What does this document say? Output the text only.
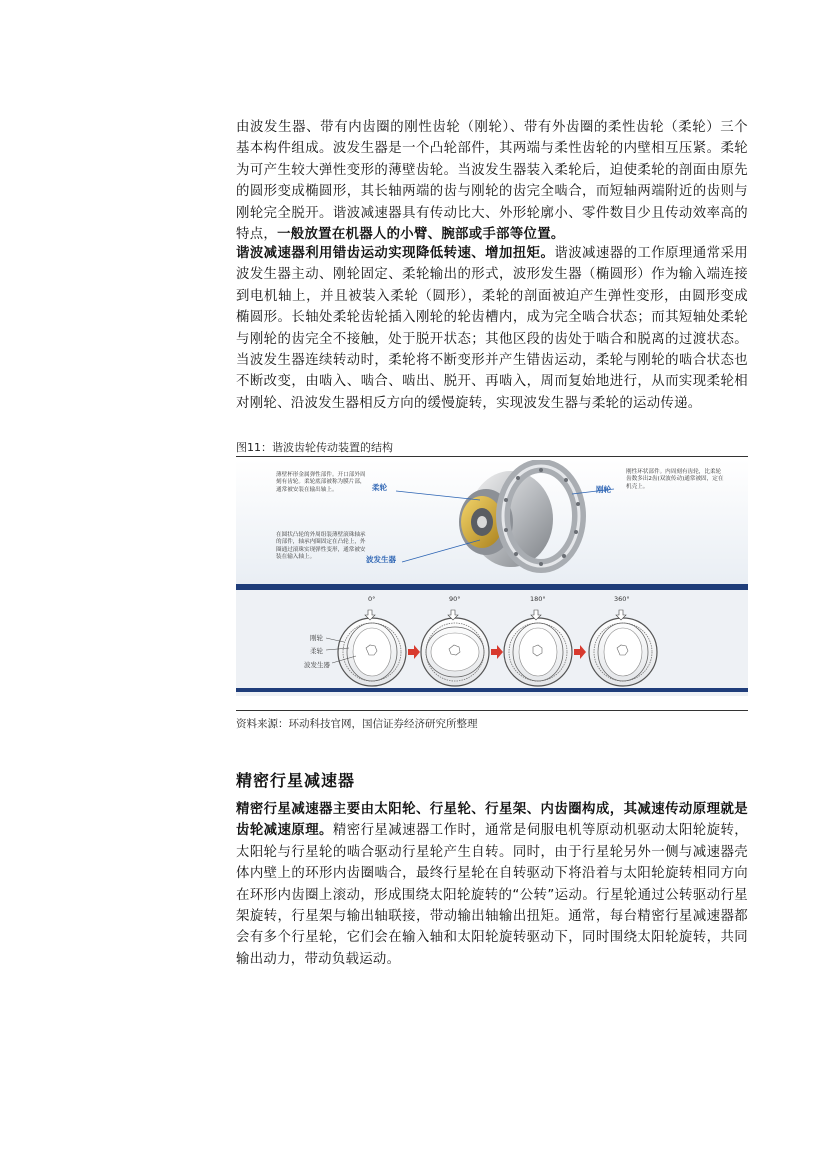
由波发生器、带有内齿圈的刚性齿轮（刚轮）、带有外齿圈的柔性齿轮（柔轮）三个基本构件组成。波发生器是一个凸轮部件，其两端与柔性齿轮的内壁相互压紧。柔轮为可产生较大弹性变形的薄壁齿轮。当波发生器装入柔轮后，迫使柔轮的剖面由原先的圆形变成椭圆形，其长轴两端的齿与刚轮的齿完全啮合，而短轴两端附近的齿则与刚轮完全脱开。谐波减速器具有传动比大、外形轮廓小、零件数目少且传动效率高的特点，一般放置在机器人的小臂、腕部或手部等位置。

谐波减速器利用错齿运动实现降低转速、增加扭矩。谐波减速器的工作原理通常采用波发生器主动、刚轮固定、柔轮输出的形式，波形发生器（椭圆形）作为输入端连接到电机轴上，并且被装入柔轮（圆形），柔轮的剖面被迫产生弹性变形，由圆形变成椭圆形。长轴处柔轮齿轮插入刚轮的轮齿槽内，成为完全啮合状态；而其短轴处柔轮与刚轮的齿完全不接触，处于脱开状态；其他区段的齿处于啮合和脱离的过渡状态。当波发生器连续转动时，柔轮将不断变形并产生错齿运动，柔轮与刚轮的啮合状态也不断改变，由啮入、啮合、啮出、脱开、再啮入，周而复始地进行，从而实现柔轮相对刚轮、沿波发生器相反方向的缓慢旋转，实现波发生器与柔轮的运动传递。

图11：谐波齿轮传动装置的结构
薄壁杯形金属弹性部件。开口部外周刻有齿轮。柔轮底部被称为膜片部，通常被安装在输出轴上。	柔轮
刚性环状部件。内周刻有齿轮，比柔轮齿数多出2齿(双波传动)通常被固，定在机壳上。
刚轮
在圆状凸轮的外周组装薄壁滚珠轴承的部件，轴承内圈固定在凸轮上，外圈通过滚珠实现弹性变形，通常被安装在输入轴上。	波发生器
0°	90°	180°	360°
刚轮
柔轮
波发生器
资料来源：环动科技官网，国信证券经济研究所整理
精密行星减速器

精密行星减速器主要由太阳轮、行星轮、行星架、内齿圈构成，其减速传动原理就是齿轮减速原理。精密行星减速器工作时，通常是伺服电机等原动机驱动太阳轮旋转，太阳轮与行星轮的啮合驱动行星轮产生自转。同时，由于行星轮另外一侧与减速器壳体内壁上的环形内齿圈啮合，最终行星轮在自转驱动下将沿着与太阳轮旋转相同方向在环形内齿圈上滚动，形成围绕太阳轮旋转的“公转”运动。行星轮通过公转驱动行星架旋转，行星架与输出轴联接，带动输出轴输出扭矩。通常，每台精密行星减速器都会有多个行星轮，它们会在输入轴和太阳轮旋转驱动下，同时围绕太阳轮旋转，共同输出动力，带动负载运动。
